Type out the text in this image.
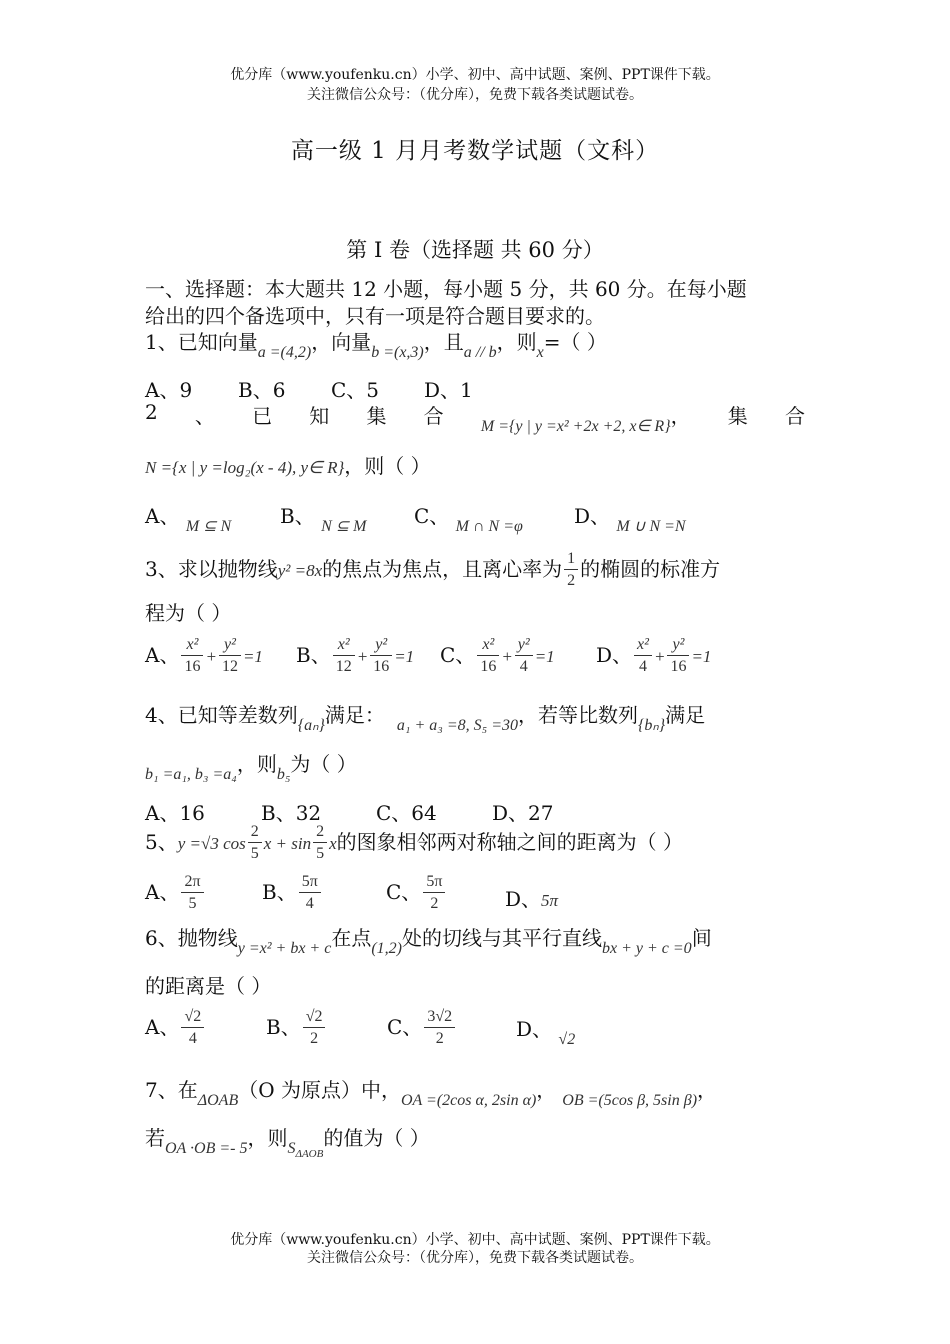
优分库（www.youfenku.cn）小学、初中、高中试题、案例、PPT课件下载。
关注微信公众号：（优分库），免费下载各类试题试卷。
高一级 1 月月考数学试题（文科）
第 I 卷（选择题 共 60 分）
一、选择题：本大题共 12 小题，每小题 5 分，共 60 分。在每小题
给出的四个备选项中，只有一项是符合题目要求的。
1、已知向量$_{a =(4,2)}$，向量$_{b =(x,3)}$，且$_{a // b}$，则$_x$=（ ）
A、9 B、6 C、5 D、1
2 、 已 知 集 合 $_{M =\{y | y =x^2 +2x +2, x\in R\}}$， 集 合
N ={x | y =log₂(x - 4), y∈ R}，则（ ）
A、 $_{M ⊆ N}$ B、 $_{N ⊆ M}$ C、 $_{M \cap N =\varphi}$	D、 $_{M \cup N =N}$
3、求以抛物线y² =8x的焦点为焦点，且离心率为 $\frac{1}{2}$ 的椭圆的标准方
程为（ ）
A、 $\frac{\text{x²}}{16} + \frac{\text{y²}}{12} =1$ B、 $\frac{\text{x²}}{12} + \frac{\text{y²}}{16} =1$ C、 $\frac{\text{x²}}{16} + \frac{\text{y²}}{4} =1$ D、 $\frac{\text{x²}}{4} + \frac{\text{y²}}{16} =1$
4、已知等差数列$_{\{a_n\}}$满足： $_{a_1 + a_3 =8, S_5 =30}$，若等比数列$_{\{b_n\}}$满足
$_{b_1 =a_1, b_3 =a_4}$，则$_{b_5}$为（ ）
A、16	B、32	C、64	D、27
5、y =√3 $\cos \frac{2}{5}$ $x + \sin \frac{2}{5}$ x的图象相邻两对称轴之间的距离为（ ）
A、 $\frac{2\pi}{5}$	B、 $\frac{5\pi}{4}$	C、 $\frac{5\pi}{2}$	D、5π
6、抛物线$_{y =x^2 + bx + c}$在点$_{(1,2)}$处的切线与其平行直线$_{bx + y + c =0}$间
的距离是（ ）
A、 $\frac{√2}{4}$	B、 $\frac{√2}{2}$	C、 $\frac{3√2}{2}$	D、 $_{√2}$
7、在$_{\Delta OAB}$（O 为原点）中，$_{OA =(2cos \alpha, 2sin \alpha)}$， $_{OB =(5cos \beta, 5sin \beta)}$，
若$_{OA \cdot OB =- 5}$，则$_{S_{\Delta AOB}}$的值为（ ）
优分库（www.youfenku.cn）小学、初中、高中试题、案例、PPT课件下载。
关注微信公众号：（优分库），免费下载各类试题试卷。
